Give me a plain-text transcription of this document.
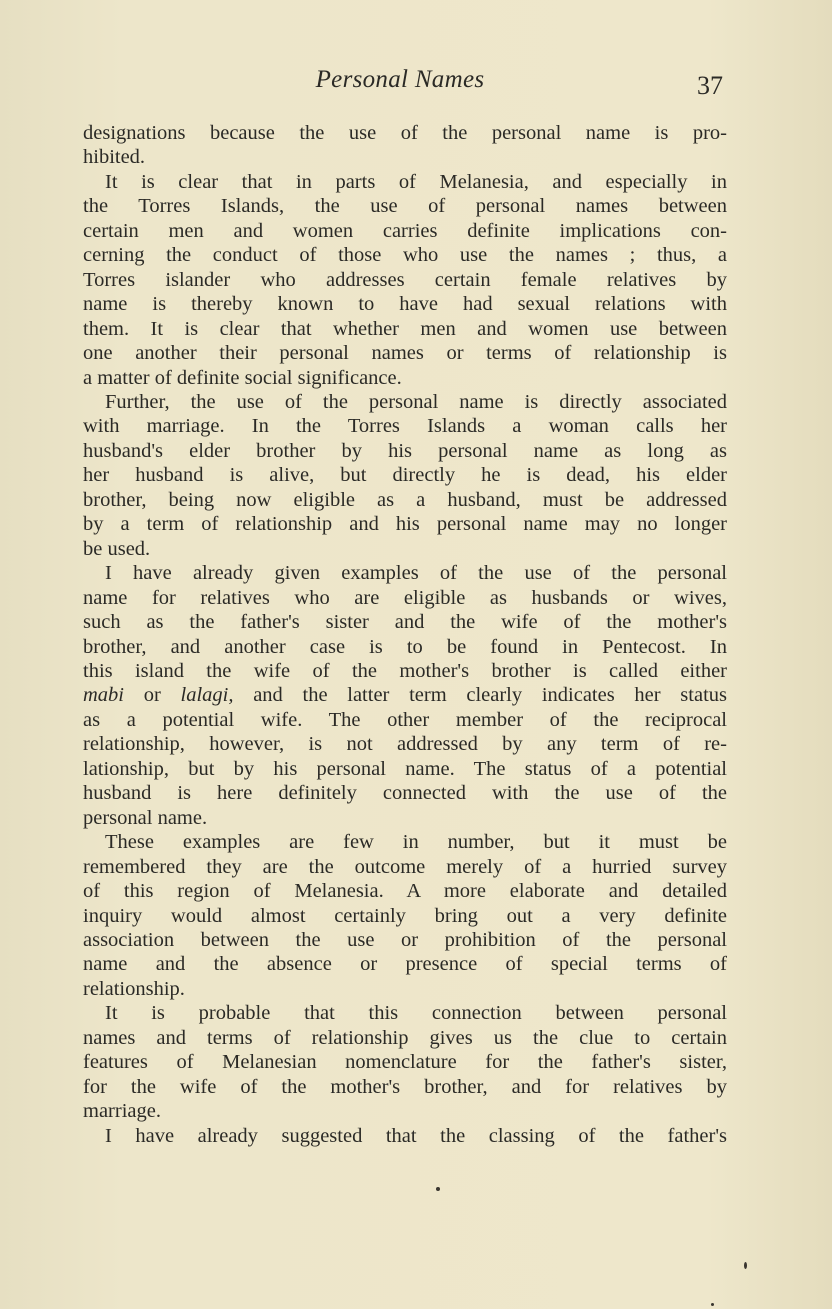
Personal Names	37
designations because the use of the personal name is pro-
hibited.
It is clear that in parts of Melanesia, and especially in
the Torres Islands, the use of personal names between
certain men and women carries definite implications con-
cerning the conduct of those who use the names ; thus, a
Torres islander who addresses certain female relatives by
name is thereby known to have had sexual relations with
them. It is clear that whether men and women use between
one another their personal names or terms of relationship is
a matter of definite social significance.
Further, the use of the personal name is directly associated
with marriage. In the Torres Islands a woman calls her
husband's elder brother by his personal name as long as
her husband is alive, but directly he is dead, his elder
brother, being now eligible as a husband, must be addressed
by a term of relationship and his personal name may no longer
be used.
I have already given examples of the use of the personal
name for relatives who are eligible as husbands or wives,
such as the father's sister and the wife of the mother's
brother, and another case is to be found in Pentecost. In
this island the wife of the mother's brother is called either
mabi or lalagi, and the latter term clearly indicates her status
as a potential wife. The other member of the reciprocal
relationship, however, is not addressed by any term of re-
lationship, but by his personal name. The status of a potential
husband is here definitely connected with the use of the
personal name.
These examples are few in number, but it must be
remembered they are the outcome merely of a hurried survey
of this region of Melanesia. A more elaborate and detailed
inquiry would almost certainly bring out a very definite
association between the use or prohibition of the personal
name and the absence or presence of special terms of
relationship.
It is probable that this connection between personal
names and terms of relationship gives us the clue to certain
features of Melanesian nomenclature for the father's sister,
for the wife of the mother's brother, and for relatives by
marriage.
I have already suggested that the classing of the father's
